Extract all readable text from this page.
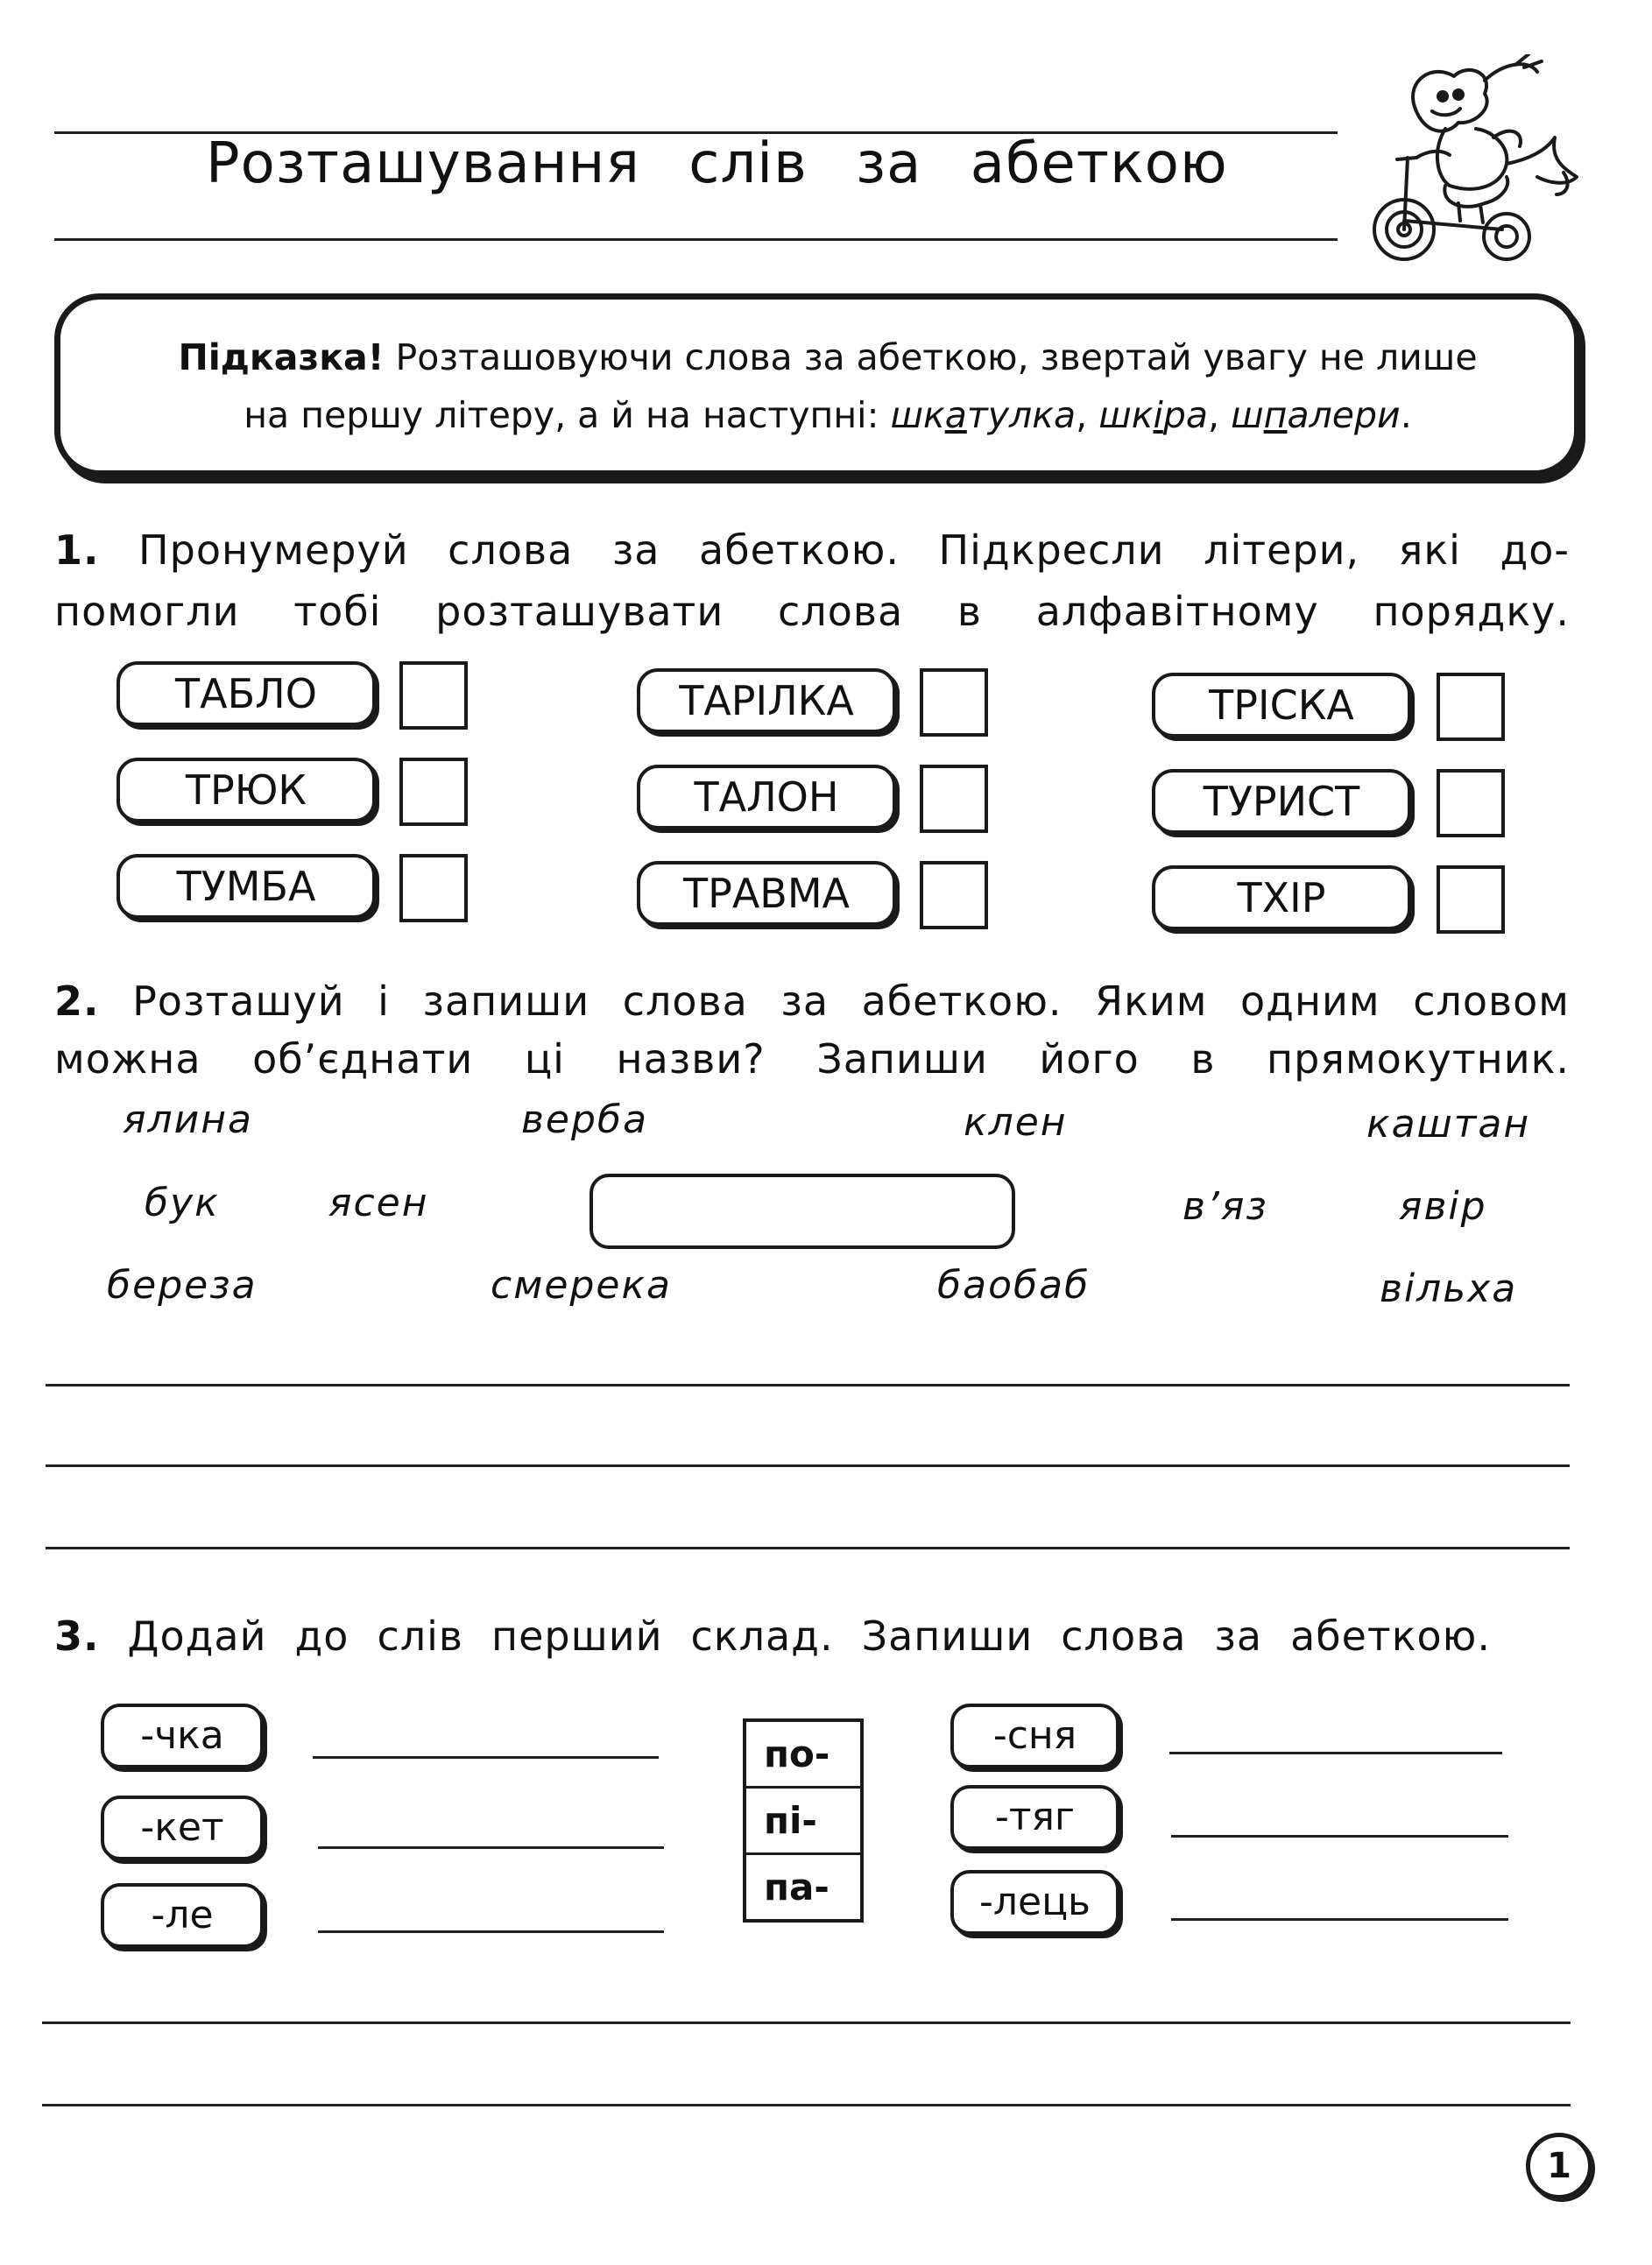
Розташування слів за абеткою
Підказка! Розташовуючи слова за абеткою, звертай увагу не лише
на першу літеру, а й на наступні: шкатулка, шкіра, шпалери.
1. Пронумеруй слова за абеткою. Підкресли літери, які до-
помогли тобі розташувати слова в алфавітному порядку.
ТАБЛО
ТРЮК
ТУМБА
ТАРІЛКА
ТАЛОН
ТРАВМА
ТРІСКА
ТУРИСТ
ТХІР
2. Розташуй і запиши слова за абеткою. Яким одним словом
можна об’єднати ці назви? Запиши його в прямокутник.
ялина	верба	клен	каштан
бук	ясен	в’яз	явір
береза	смерека	баобаб	вільха
3. Додай до слів перший склад. Запиши слова за абеткою.
-чка
-кет
-ле
по-
пі-
па-
-сня
-тяг
-лець
1
